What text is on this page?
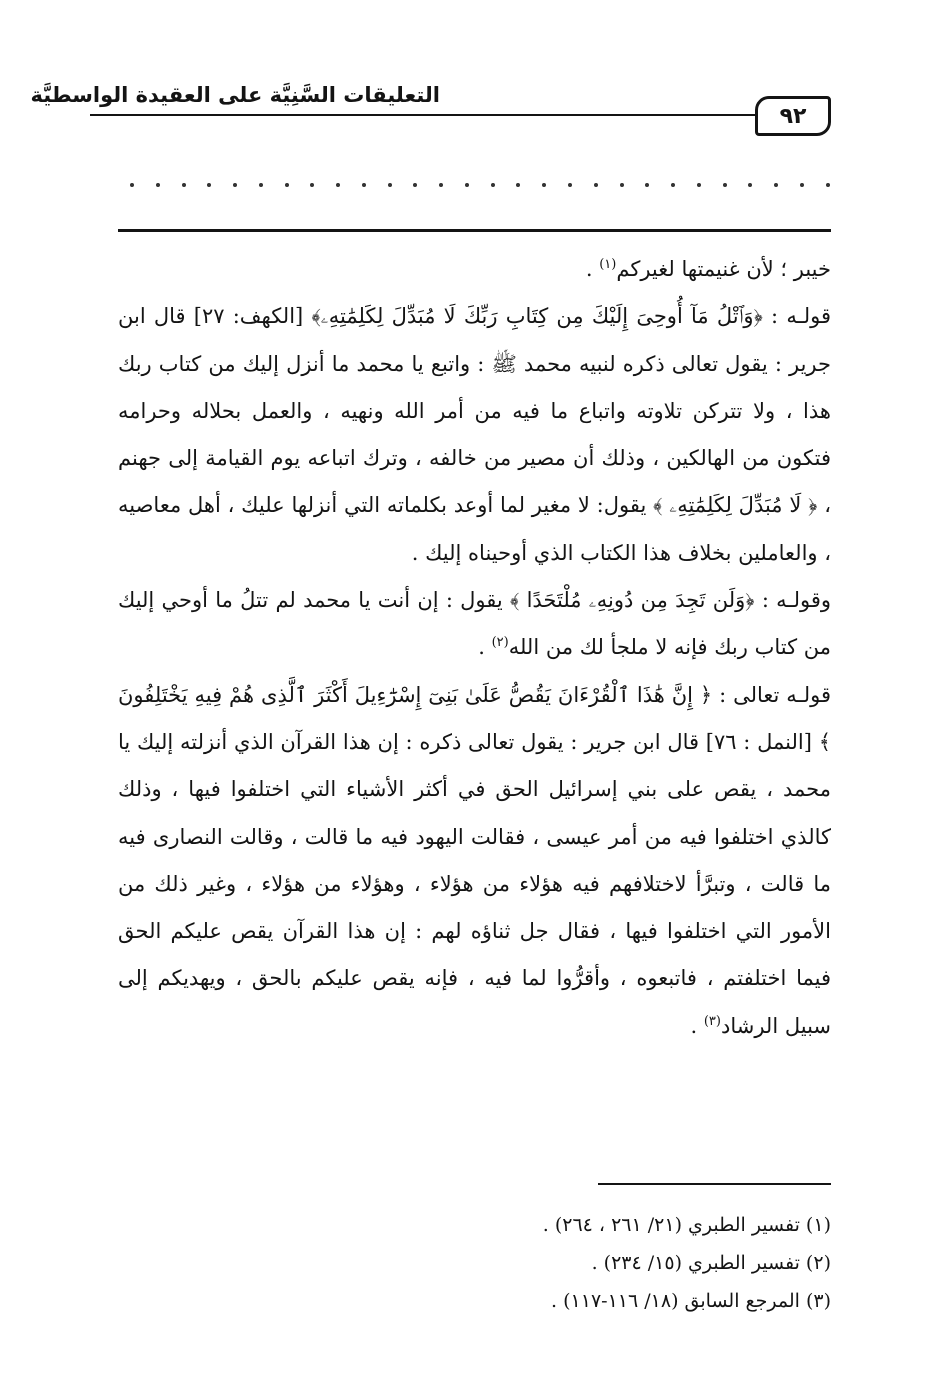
التعليقات السَّنِيَّة على العقيدة الواسطيَّة
٩٢

خيبر ؛ لأن غنيمتها لغيركم$^{(١)}$ .

قولـه : ﴿وَٱتْلُ مَآ أُوحِىَ إِلَيْكَ مِن كِتَابِ رَبِّكَ لَا مُبَدِّلَ لِكَلِمَٰتِهِۦ﴾ [الكهف: ٢٧] قال ابن جرير : يقول تعالى ذكره لنبيه محمد ﷺ : واتبع يا محمد ما أنزل إليك من كتاب ربك هذا ، ولا تتركن تلاوته واتباع ما فيه من أمر الله ونهيه ، والعمل بحلاله وحرامه فتكون من الهالكين ، وذلك أن مصير من خالفه ، وترك اتباعه يوم القيامة إلى جهنم ، ﴿ لَا مُبَدِّلَ لِكَلِمَٰتِهِۦ ﴾ يقول: لا مغير لما أوعد بكلماته التي أنزلها عليك ، أهل معاصيه ، والعاملين بخلاف هذا الكتاب الذي أوحيناه إليك .

وقولـه : ﴿وَلَن تَجِدَ مِن دُونِهِۦ مُلْتَحَدًا ﴾ يقول : إن أنت يا محمد لم تتلُ ما أوحي إليك من كتاب ربك فإنه لا ملجأ لك من الله$^{(٢)}$ .

قولـه تعالى : ﴿ إِنَّ هَٰذَا ٱلْقُرْءَانَ يَقُصُّ عَلَىٰ بَنِىٓ إِسْرَٰٓءِيلَ أَكْثَرَ ٱلَّذِى هُمْ فِيهِ يَخْتَلِفُونَ ﴾ [النمل : ٧٦] قال ابن جرير : يقول تعالى ذكره : إن هذا القرآن الذي أنزلته إليك يا محمد ، يقص على بني إسرائيل الحق في أكثر الأشياء التي اختلفوا فيها ، وذلك كالذي اختلفوا فيه من أمر عيسى ، فقالت اليهود فيه ما قالت ، وقالت النصارى فيه ما قالت ، وتبرَّأ لاختلافهم فيه هؤلاء من هؤلاء ، وهؤلاء من هؤلاء ، وغير ذلك من الأمور التي اختلفوا فيها ، فقال جل ثناؤه لهم : إن هذا القرآن يقص عليكم الحق فيما اختلفتم ، فاتبعوه ، وأقرُّوا لما فيه ، فإنه يقص عليكم بالحق ، ويهديكم إلى سبيل الرشاد$^{(٣)}$ .

(١) تفسير الطبري (٢١/ ٢٦١ ، ٢٦٤) .
(٢) تفسير الطبري (١٥/ ٢٣٤) .
(٣) المرجع السابق (١٨/ ١١٦-١١٧) .
